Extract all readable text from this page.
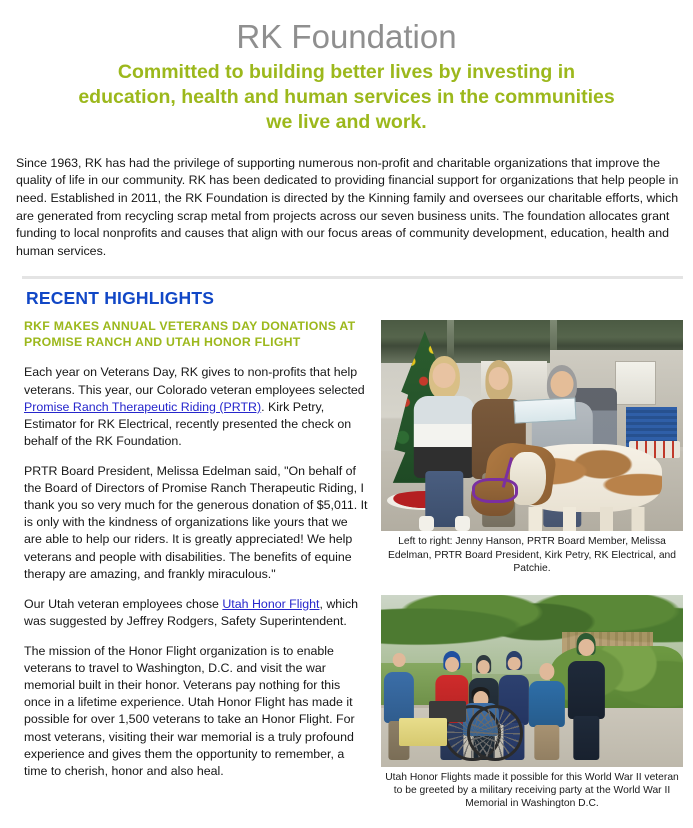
RK Foundation
Committed to building better lives by investing in education, health and human services in the communities we live and work.
Since 1963, RK has had the privilege of supporting numerous non-profit and charitable organizations that improve the quality of life in our community. RK has been dedicated to providing financial support for organizations that help people in need. Established in 2011, the RK Foundation is directed by the Kinning family and oversees our charitable efforts, which are generated from recycling scrap metal from projects across our seven business units. The foundation allocates grant funding to local nonprofits and causes that align with our focus areas of community development, education, health and human services.
RECENT HIGHLIGHTS
RKF MAKES ANNUAL VETERANS DAY DONATIONS AT PROMISE RANCH AND UTAH HONOR FLIGHT

Each year on Veterans Day, RK gives to non-profits that help veterans. This year, our Colorado veteran employees selected Promise Ranch Therapeutic Riding (PRTR). Kirk Petry, Estimator for RK Electrical, recently presented the check on behalf of the RK Foundation.

PRTR Board President, Melissa Edelman said, "On behalf of the Board of Directors of Promise Ranch Therapeutic Riding, I thank you so very much for the generous donation of $5,011. It is only with the kindness of organizations like yours that we are able to help our riders. It is greatly appreciated! We help veterans and people with disabilities. The benefits of equine therapy are amazing, and frankly miraculous."

Our Utah veteran employees chose Utah Honor Flight, which was suggested by Jeffrey Rodgers, Safety Superintendent.

The mission of the Honor Flight organization is to enable veterans to travel to Washington, D.C. and visit the war memorial built in their honor. Veterans pay nothing for this once in a lifetime experience. Utah Honor Flight has made it possible for over 1,500 veterans to take an Honor Flight. For most veterans, visiting their war memorial is a truly profound experience and gives them the opportunity to remember, a time to cherish, honor and also heal.

Left to right: Jenny Hanson, PRTR Board Member, Melissa Edelman, PRTR Board President, Kirk Petry, RK Electrical, and Patchie.
Utah Honor Flights made it possible for this World War II veteran to be greeted by a military receiving party at the World War II Memorial in Washington D.C.
